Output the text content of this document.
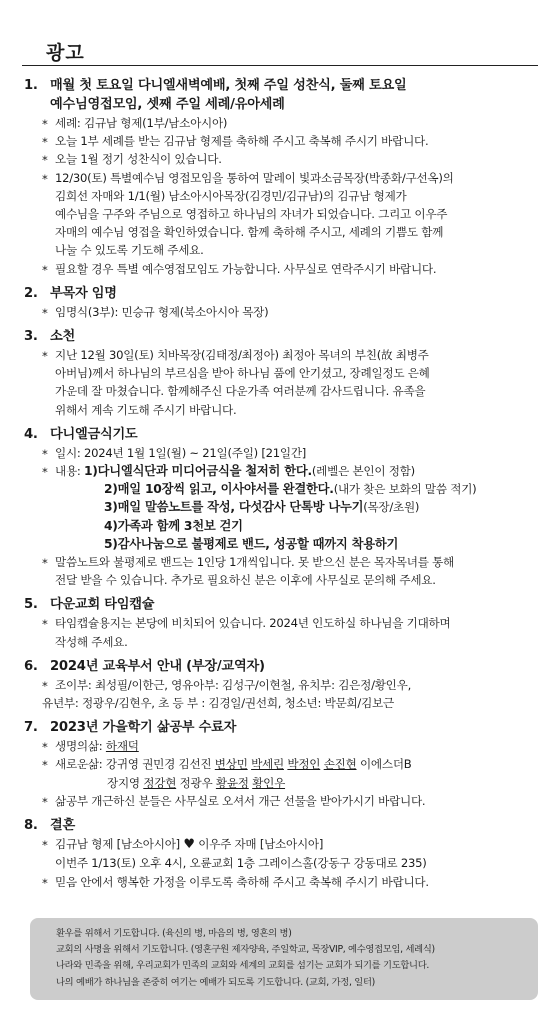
광고
1. 매월 첫 토요일 다니엘새벽예배, 첫째 주일 성찬식, 둘째 토요일
예수님영접모임, 셋째 주일 세례/유아세례
* 세례: 김규남 형제(1부/남소아시아)
* 오늘 1부 세례를 받는 김규남 형제를 축하해 주시고 축복해 주시기 바랍니다.
* 오늘 1월 정기 성찬식이 있습니다.
* 12/30(토) 특별예수님 영접모임을 통하여 말레이 빛과소금목장(박종화/구선옥)의
김희선 자매와 1/1(월) 남소아시아목장(김경민/김규남)의 김규남 형제가
예수님을 구주와 주님으로 영접하고 하나님의 자녀가 되었습니다. 그리고 이우주
자매의 예수님 영접을 확인하였습니다. 함께 축하해 주시고, 세례의 기쁨도 함께
나눌 수 있도록 기도해 주세요.
* 필요할 경우 특별 예수영접모임도 가능합니다. 사무실로 연락주시기 바랍니다.
2. 부목자 임명
* 임명식(3부): 민승규 형제(북소아시아 목장)
3. 소천
* 지난 12월 30일(토) 치바목장(김태정/최정아) 최정아 목녀의 부친(故 최병주
아버님)께서 하나님의 부르심을 받아 하나님 품에 안기셨고, 장례일정도 은혜
가운데 잘 마쳤습니다. 함께해주신 다운가족 여러분께 감사드립니다. 유족을
위해서 계속 기도해 주시기 바랍니다.
4. 다니엘금식기도
* 일시: 2024년 1월 1일(월) ~ 21일(주일) [21일간]
* 내용: 1)다니엘식단과 미디어금식을 철저히 한다.(레벨은 본인이 정함)
2)매일 10장씩 읽고, 이사야서를 완결한다.(내가 찾은 보화의 말씀 적기)
3)매일 말씀노트를 작성, 다섯감사 단톡방 나누기(목장/초원)
4)가족과 함께 3천보 걷기
5)감사나눔으로 불평제로 밴드, 성공할 때까지 착용하기
* 말씀노트와 불평제로 밴드는 1인당 1개씩입니다. 못 받으신 분은 목자목녀를 통해
전달 받을 수 있습니다. 추가로 필요하신 분은 이후에 사무실로 문의해 주세요.
5. 다운교회 타임캡슐
* 타임캡슐용지는 본당에 비치되어 있습니다. 2024년 인도하실 하나님을 기대하며
작성해 주세요.
6. 2024년 교육부서 안내 (부장/교역자)
* 조이부: 최성필/이한근, 영유아부: 김성구/이현철, 유치부: 김은정/황인우,
유년부: 정광우/김현우, 초 등 부 : 김경일/권선희, 청소년: 박문희/김보근
7. 2023년 가을학기 삶공부 수료자
* 생명의삶: 하재덕
* 새로운삶: 강귀영 권민경 김선진 변상민 박세린 박정인 손진현 이에스더B
장지영 정강현 정광우 황윤정 황인우
* 삶공부 개근하신 분들은 사무실로 오셔서 개근 선물을 받아가시기 바랍니다.
8. 결혼
* 김규남 형제 [남소아시아] ♥ 이우주 자매 [남소아시아]
이번주 1/13(토) 오후 4시, 오륜교회 1층 그레이스홀(강동구 강동대로 235)
* 믿음 안에서 행복한 가정을 이루도록 축하해 주시고 축복해 주시기 바랍니다.
환우를 위해서 기도합니다. (육신의 병, 마음의 병, 영혼의 병)
교회의 사명을 위해서 기도합니다. (영혼구원 제자양육, 주일학교, 목장VIP, 예수영접모임, 세례식)
나라와 민족을 위해, 우리교회가 민족의 교회와 세계의 교회를 섬기는 교회가 되기를 기도합니다.
나의 예배가 하나님을 존중히 여기는 예배가 되도록 기도합니다. (교회, 가정, 일터)
